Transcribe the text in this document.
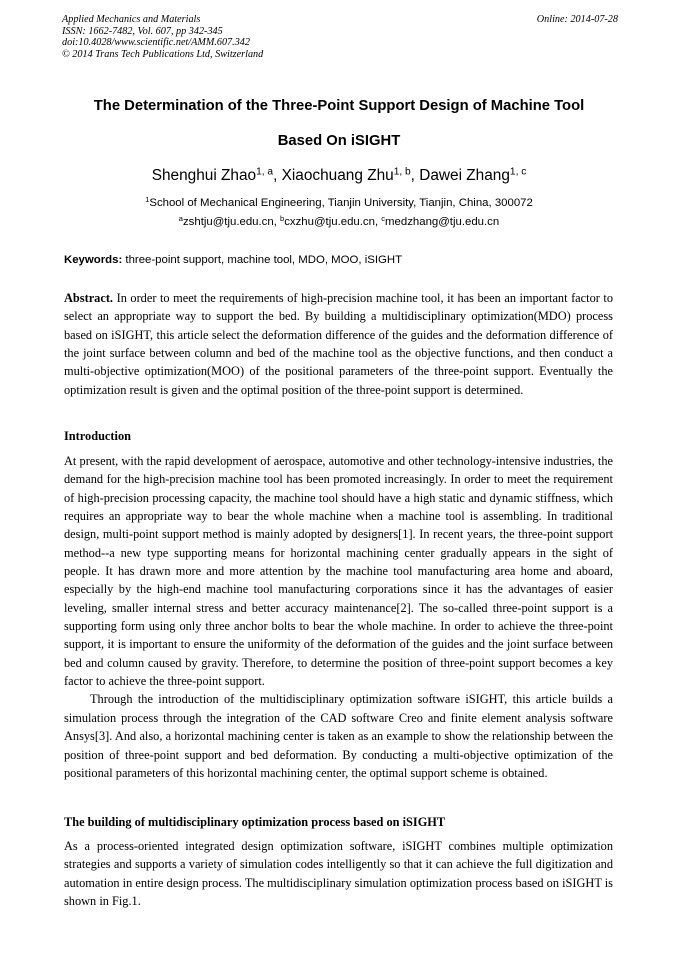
Applied Mechanics and Materials
ISSN: 1662-7482, Vol. 607, pp 342-345
doi:10.4028/www.scientific.net/AMM.607.342
© 2014 Trans Tech Publications Ltd, Switzerland
Online: 2014-07-28
The Determination of the Three-Point Support Design of Machine Tool
Based On iSIGHT
Shenghui Zhao$^{1, a}$, Xiaochuang Zhu$^{1, b}$, Dawei Zhang$^{1, c}$
$^1$School of Mechanical Engineering, Tianjin University, Tianjin, China, 300072
$^a$zshtju@tju.edu.cn, $^b$cxzhu@tju.edu.cn, $^c$medzhang@tju.edu.cn
Keywords: three-point support, machine tool, MDO, MOO, iSIGHT

Abstract. In order to meet the requirements of high-precision machine tool, it has been an important factor to select an appropriate way to support the bed. By building a multidisciplinary optimization(MDO) process based on iSIGHT, this article select the deformation difference of the guides and the deformation difference of the joint surface between column and bed of the machine tool as the objective functions, and then conduct a multi-objective optimization(MOO) of the positional parameters of the three-point support. Eventually the optimization result is given and the optimal position of the three-point support is determined.

Introduction

At present, with the rapid development of aerospace, automotive and other technology-intensive industries, the demand for the high-precision machine tool has been promoted increasingly. In order to meet the requirement of high-precision processing capacity, the machine tool should have a high static and dynamic stiffness, which requires an appropriate way to bear the whole machine when a machine tool is assembling. In traditional design, multi-point support method is mainly adopted by designers[1]. In recent years, the three-point support method--a new type supporting means for horizontal machining center gradually appears in the sight of people. It has drawn more and more attention by the machine tool manufacturing area home and aboard, especially by the high-end machine tool manufacturing corporations since it has the advantages of easier leveling, smaller internal stress and better accuracy maintenance[2]. The so-called three-point support is a supporting form using only three anchor bolts to bear the whole machine. In order to achieve the three-point support, it is important to ensure the uniformity of the deformation of the guides and the joint surface between bed and column caused by gravity. Therefore, to determine the position of three-point support becomes a key factor to achieve the three-point support.

Through the introduction of the multidisciplinary optimization software iSIGHT, this article builds a simulation process through the integration of the CAD software Creo and finite element analysis software Ansys[3]. And also, a horizontal machining center is taken as an example to show the relationship between the position of three-point support and bed deformation. By conducting a multi-objective optimization of the positional parameters of this horizontal machining center, the optimal support scheme is obtained.

The building of multidisciplinary optimization process based on iSIGHT

As a process-oriented integrated design optimization software, iSIGHT combines multiple optimization strategies and supports a variety of simulation codes intelligently so that it can achieve the full digitization and automation in entire design process. The multidisciplinary simulation optimization process based on iSIGHT is shown in Fig.1.
